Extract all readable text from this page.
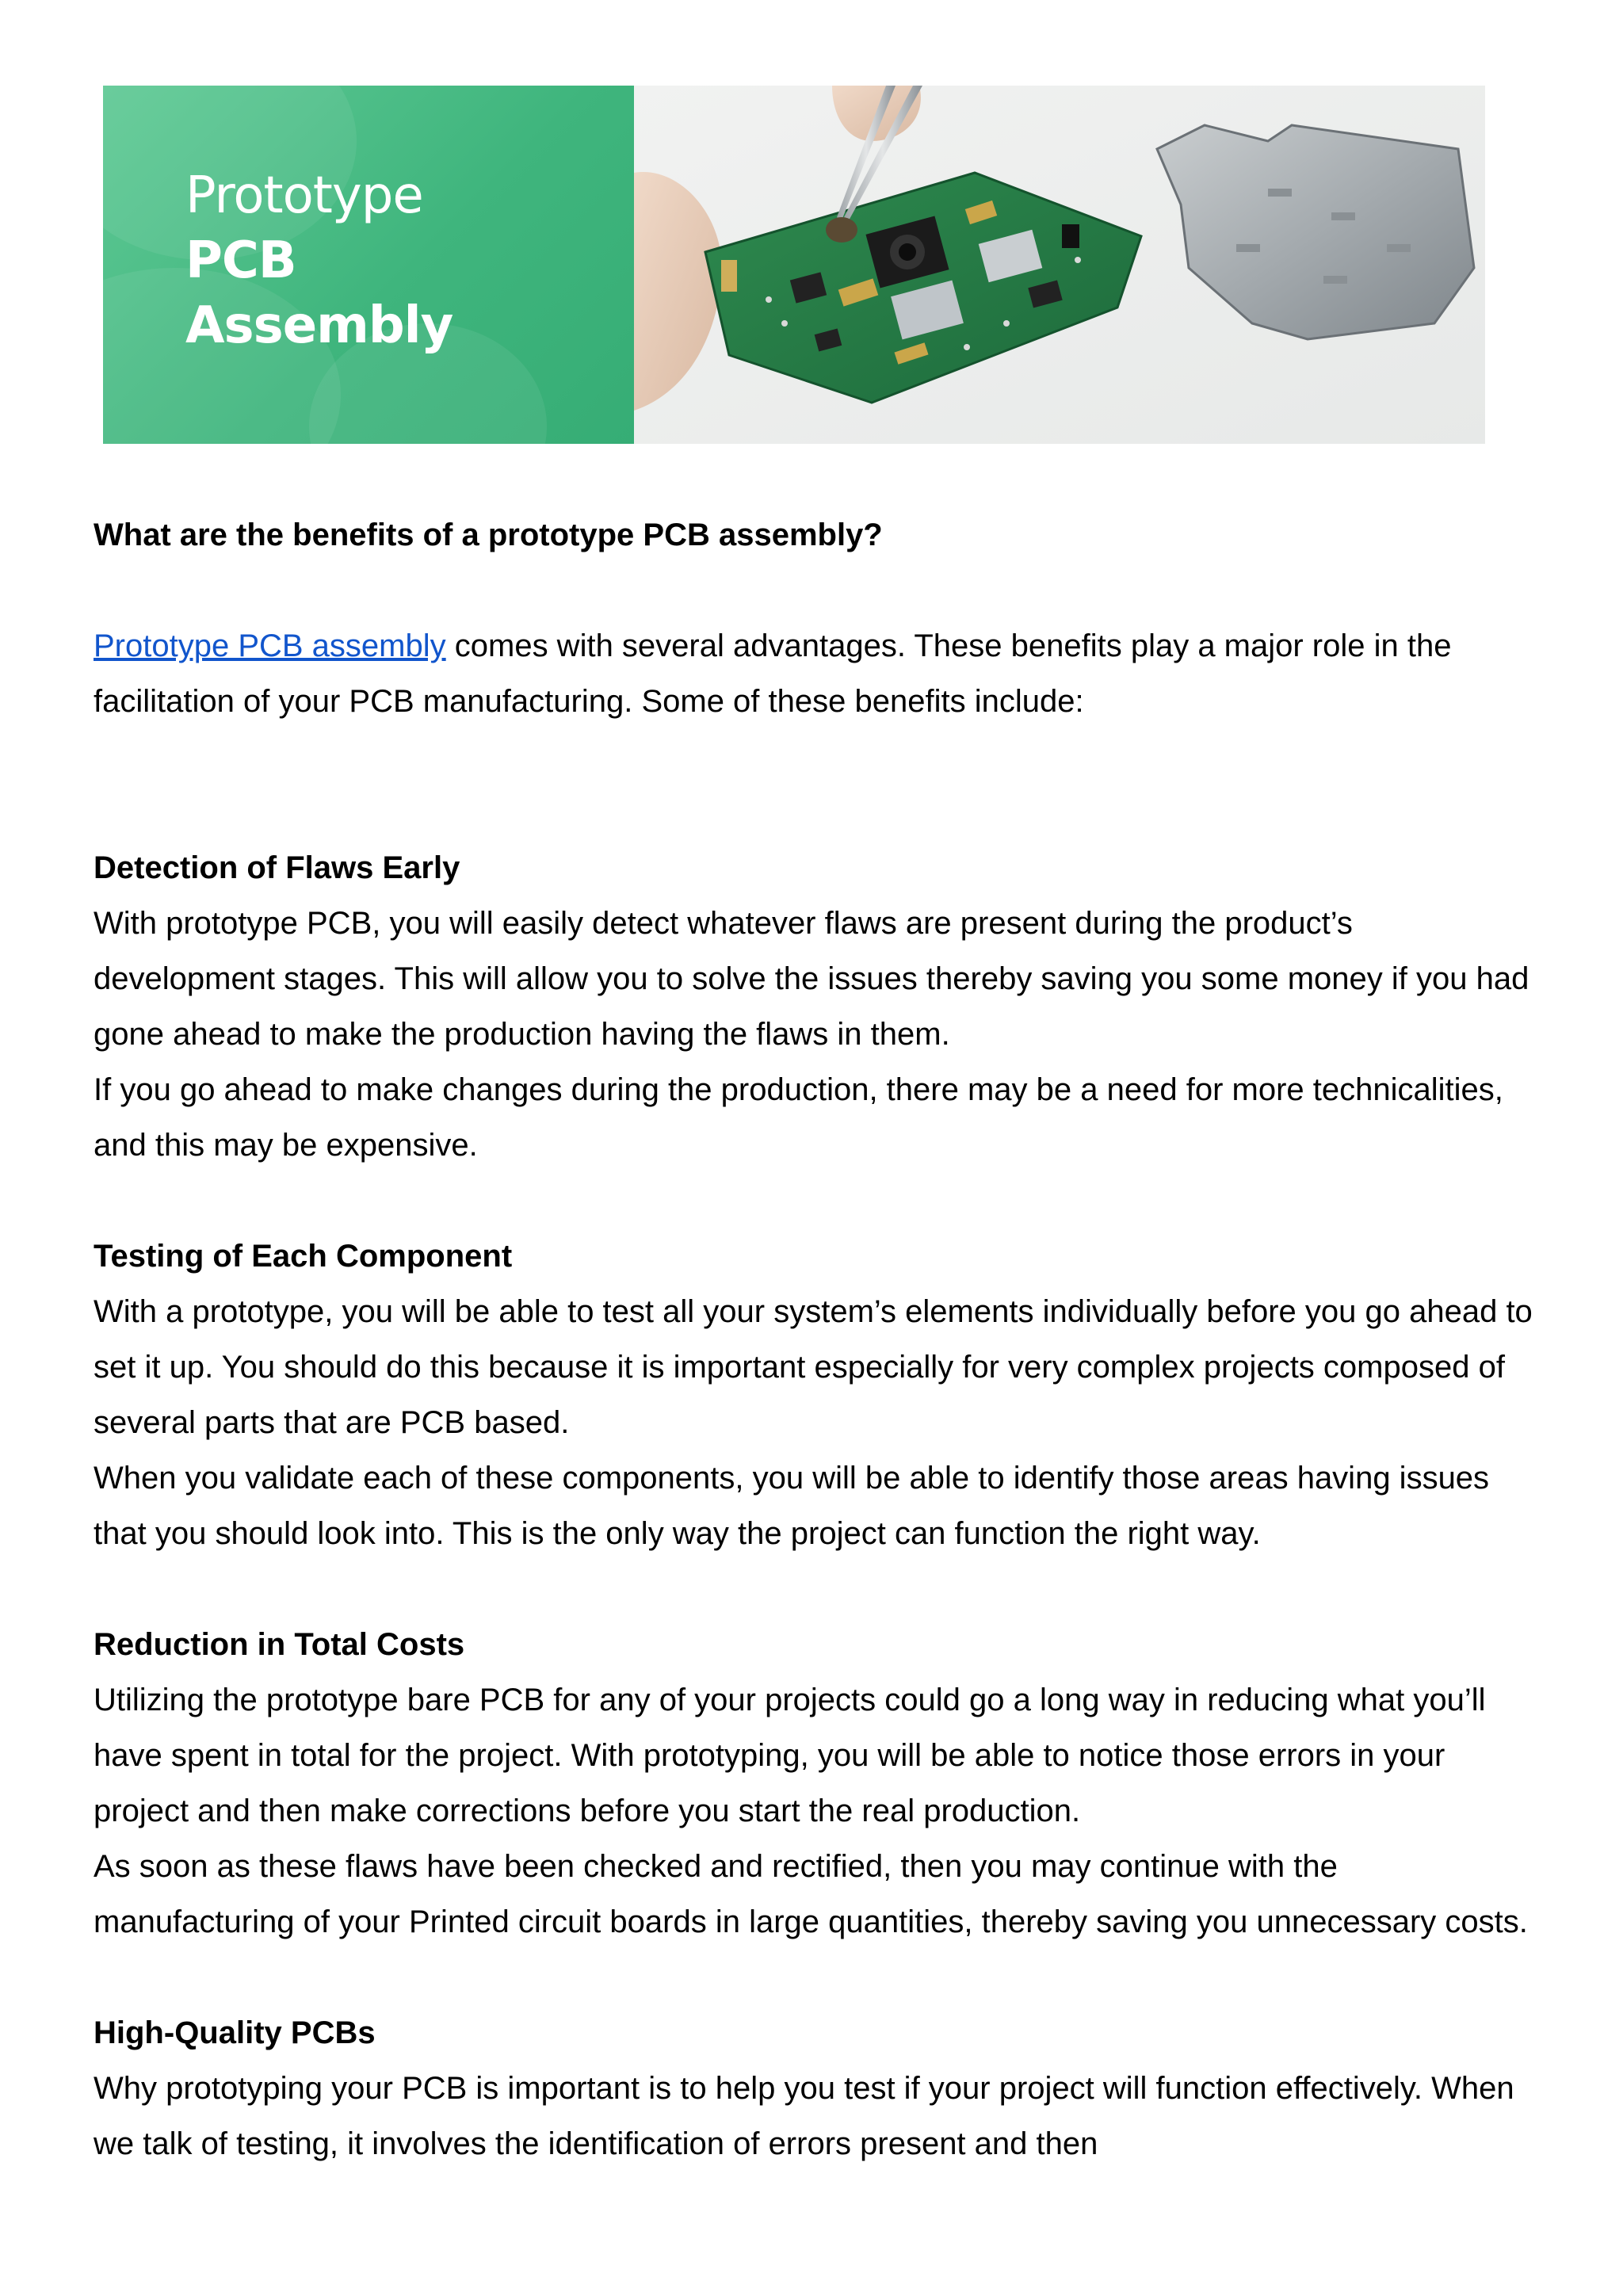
Prototype
PCB
Assembly
What are the benefits of a prototype PCB assembly?

Prototype PCB assembly comes with several advantages. These benefits play a major role in the facilitation of your PCB manufacturing. Some of these benefits include:

Detection of Flaws Early

With prototype PCB, you will easily detect whatever flaws are present during the product’s development stages. This will allow you to solve the issues thereby saving you some money if you had gone ahead to make the production having the flaws in them.

If you go ahead to make changes during the production, there may be a need for more technicalities, and this may be expensive.

Testing of Each Component

With a prototype, you will be able to test all your system’s elements individually before you go ahead to set it up. You should do this because it is important especially for very complex projects composed of several parts that are PCB based.

When you validate each of these components, you will be able to identify those areas having issues that you should look into. This is the only way the project can function the right way.

Reduction in Total Costs

Utilizing the prototype bare PCB for any of your projects could go a long way in reducing what you’ll have spent in total for the project. With prototyping, you will be able to notice those errors in your project and then make corrections before you start the real production.

As soon as these flaws have been checked and rectified, then you may continue with the manufacturing of your Printed circuit boards in large quantities, thereby saving you unnecessary costs.

High-Quality PCBs

Why prototyping your PCB is important is to help you test if your project will function effectively. When we talk of testing, it involves the identification of errors present and then
